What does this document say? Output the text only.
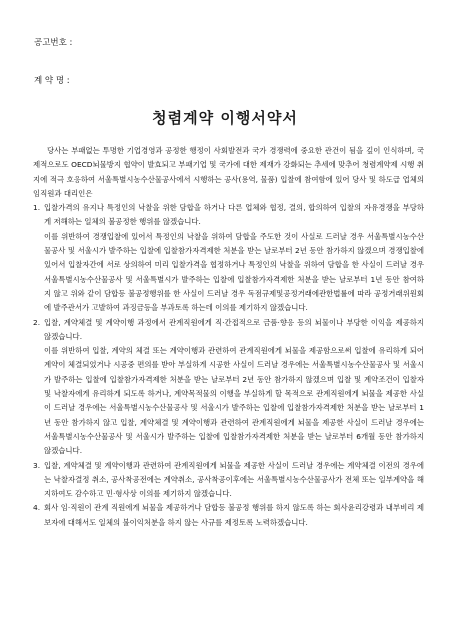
공고번호 :
계 약 명 :
청렴계약 이행서약서

당사는 부패없는 투명한 기업경영과 공정한 행정이 사회발전과 국가 경쟁력에 중요한 관건이 됨을 깊이 인식하며, 국제적으로도 OECD뇌물방지 협약이 발효되고 부패기업 및 국가에 대한 제재가 강화되는 추세에 맞추어 청렴계약제 시행 취지에 적극 호응하여 서울특별시농수산물공사에서 시행하는 공사(용역, 물품) 입찰에 참여함에 있어 당사 및 하도급 업체의 임직원과 대리인은

1. 입찰가격의 유지나 특정인의 낙찰을 위한 담합을 하거나 다른 업체와 협정, 결의, 합의하여 입찰의 자유경쟁을 부당하게 저해하는 일체의 불공정한 행위를 않겠습니다.

이를 위반하여 경쟁입찰에 있어서 특정인의 낙찰을 위하여 담합을 주도한 것이 사실로 드러날 경우 서울특별시농수산물공사 및 서울시가 발주하는 입찰에 입찰참가자격제한 처분을 받는 날로부터 2년 동안 참가하지 않겠으며 경쟁입찰에 있어서 입찰자간에 서로 상의하여 미리 입찰가격을 협정하거나 특정인의 낙찰을 위하여 담합을 한 사실이 드러날 경우 서울특별시농수산물공사 및 서울특별시가 발주하는 입찰에 입찰참가자격제한 처분을 받는 날로부터 1년 동안 참여하지 않고 위와 같이 담합등 불공정행위를 한 사실이 드러날 경우 독점규제및공정거래에관한법률에 따라 공정거래위원회에 발주관서가 고발하여 과징금등을 부과토록 하는데 이의를 제기하지 않겠습니다.

2. 입찰, 계약체결 및 계약이행 과정에서 관계직원에게 직·간접적으로 금품·향응 등의 뇌물이나 부당한 이익을 제공하지 않겠습니다.

이를 위반하여 입찰, 계약의 체결 또는 계약이행과 관련하여 관계직원에게 뇌물을 제공함으로써 입찰에 유리하게 되어 계약이 체결되었거나 시공중 편의를 받아 부실하게 시공한 사실이 드러날 경우에는 서울특별시농수산물공사 및 서울시가 발주하는 입찰에 입찰참가자격제한 처분을 받는 날로부터 2년 동안 참가하지 않겠으며 입찰 및 계약조건이 입찰자 및 낙찰자에게 유리하게 되도록 하거나, 계약목적물의 이행을 부실하게 할 목적으로 관계직원에게 뇌물을 제공한 사실이 드러날 경우에는 서울특별시농수산물공사 및 서울시가 발주하는 입찰에 입찰참가자격제한 처분을 받는 날로부터 1년 동안 참가하지 않고 입찰, 계약체결 및 계약이행과 관련하여 관계직원에게 뇌물을 제공한 사실이 드러날 경우에는 서울특별시농수산물공사 및 서울시가 발주하는 입찰에 입찰참가자격제한 처분을 받는 날로부터 6개월 동안 참가하지 않겠습니다.

3. 입찰, 계약체결 및 계약이행과 관련하여 관계직원에게 뇌물을 제공한 사실이 드러날 경우에는 계약체결 이전의 경우에는 낙찰자결정 취소, 공사착공전에는 계약취소, 공사착공이후에는 서울특별시농수산물공사가 전체 또는 일부계약을 해지하여도 감수하고 민·형사상 이의를 제기하지 않겠습니다.
4. 회사 임·직원이 관계 직원에게 뇌물을 제공하거나 담합등 불공정 행위를 하지 않도록 하는 회사윤리강령과 내부비리 제보자에 대해서도 일체의 불이익처분을 하지 않는 사규를 제정토록 노력하겠습니다.
